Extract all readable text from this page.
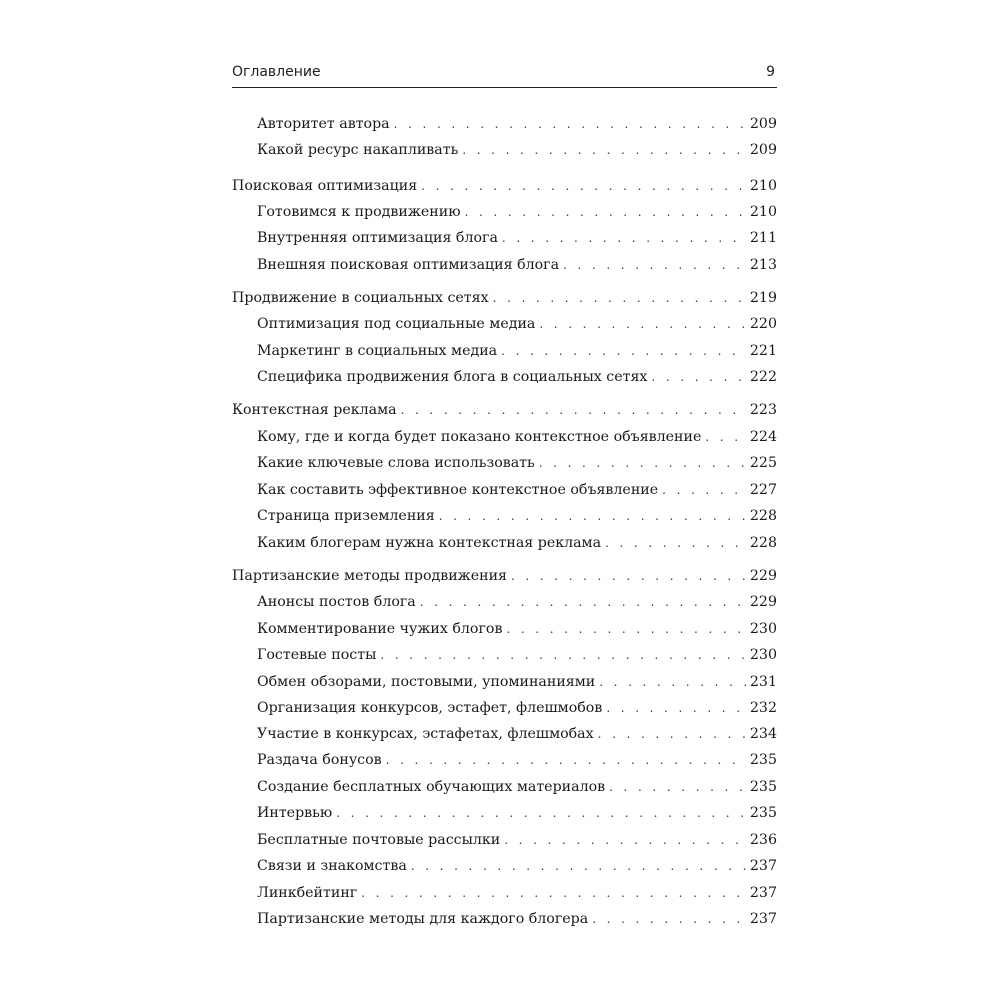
Оглавление	9
Авторитет автора . . .	209
Какой ресурс накапливать . . .	209
Поисковая оптимизация . . .	210
Готовимся к продвижению . . .	210
Внутренняя оптимизация блога . . .	211
Внешняя поисковая оптимизация блога . . .	213
Продвижение в социальных сетях . . .	219
Оптимизация под социальные медиа . . .	220
Маркетинг в социальных медиа . . .	221
Специфика продвижения блога в социальных сетях . . .	222
Контекстная реклама . . .	223
Кому, где и когда будет показано контекстное объявление . . .	224
Какие ключевые слова использовать . . .	225
Как составить эффективное контекстное объявление . . .	227
Страница приземления . . .	228
Каким блогерам нужна контекстная реклама . . .	228
Партизанские методы продвижения . . .	229
Анонсы постов блога . . .	229
Комментирование чужих блогов . . .	230
Гостевые посты . . .	230
Обмен обзорами, постовыми, упоминаниями . . .	231
Организация конкурсов, эстафет, флешмобов . . .	232
Участие в конкурсах, эстафетах, флешмобах . . .	234
Раздача бонусов . . .	235
Создание бесплатных обучающих материалов . . .	235
Интервью . . .	235
Бесплатные почтовые рассылки . . .	236
Связи и знакомства . . .	237
Линкбейтинг . . .	237
Партизанские методы для каждого блогера . . .	237
